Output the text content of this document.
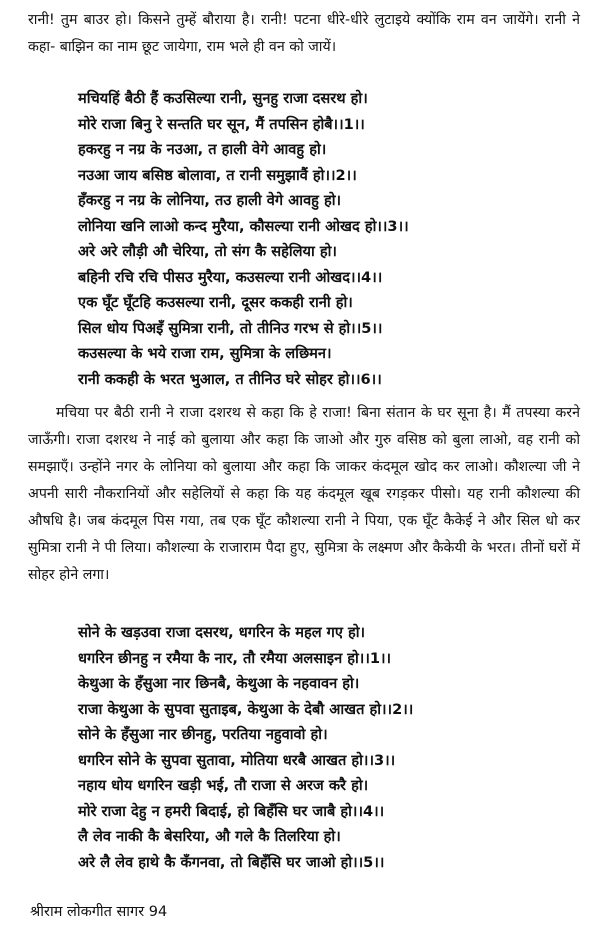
रानी! तुम बाउर हो। किसने तुम्हें बौराया है। रानी! पटना धीरे-धीरे लुटाइये क्योंकि राम वन जायेंगे। रानी ने कहा- बाझिन का नाम छूट जायेगा, राम भले ही वन को जायें।

मचियहिं बैठी हैं कउसिल्या रानी, सुनहु राजा दसरथ हो।
मोरे राजा बिनु रे सन्तति घर सून, मैं तपसिन होबै।।1।।
हकरहु न नग्र के नउआ, त हाली वेगे आवहु हो।
नउआ जाय बसिष्ठ बोलावा, त रानी समुझावैं हो।।2।।
हँकरहु न नग्र के लोनिया, तउ हाली वेगे आवहु हो।
लोनिया खनि लाओ कन्द मुरैया, कौसल्या रानी ओखद हो।।3।।
अरे अरे लौड़ी औ चेरिया, तो संग कै सहेलिया हो।
बहिनी रचि रचि पीसउ मुरैया, कउसल्या रानी ओखद।।4।।
एक घूँट घूँटहि कउसल्या रानी, दूसर ककही रानी हो।
सिल धोय पिअइँ सुमित्रा रानी, तो तीनिउ गरभ से हो।।5।।
कउसल्या के भये राजा राम, सुमित्रा के लछिमन।
रानी ककही के भरत भुआल, त तीनिउ घरे सोहर हो।।6।।

मचिया पर बैठी रानी ने राजा दशरथ से कहा कि हे राजा! बिना संतान के घर सूना है। मैं तपस्या करने जाऊँगी। राजा दशरथ ने नाई को बुलाया और कहा कि जाओ और गुरु वसिष्ठ को बुला लाओ, वह रानी को समझाएँ। उन्होंने नगर के लोनिया को बुलाया और कहा कि जाकर कंदमूल खोद कर लाओ। कौशल्या जी ने अपनी सारी नौकरानियों और सहेलियों से कहा कि यह कंदमूल खूब रगड़कर पीसो। यह रानी कौशल्या की औषधि है। जब कंदमूल पिस गया, तब एक घूँट कौशल्या रानी ने पिया, एक घूँट कैकेई ने और सिल धो कर सुमित्रा रानी ने पी लिया। कौशल्या के राजाराम पैदा हुए, सुमित्रा के लक्ष्मण और कैकेयी के भरत। तीनों घरों में सोहर होने लगा।

सोने के खड़उवा राजा दसरथ, धगरिन के महल गए हो।
धगरिन छीनहु न रमैया कै नार, तौ रमैया अलसाइन हो।।1।।
केथुआ के हँसुआ नार छिनबै, केथुआ के नहवावन हो।
राजा केथुआ के सुपवा सुताइब, केथुआ के देबौ आखत हो।।2।।
सोने के हँसुआ नार छीनहु, परतिया नहुवावो हो।
धगरिन सोने के सुपवा सुतावा, मोतिया धरबै आखत हो।।3।।
नहाय धोय धगरिन खड़ी भई, तौ राजा से अरज करै हो।
मोरे राजा देहु न हमरी बिदाई, हो बिहँसि घर जाबै हो।।4।।
लै लेव नाकी कै बेसरिया, औ गले कै तिलरिया हो।
अरे लै लेव हाथे कै कँगनवा, तो बिहँसि घर जाओ हो।।5।।
श्रीराम लोकगीत सागर 94
